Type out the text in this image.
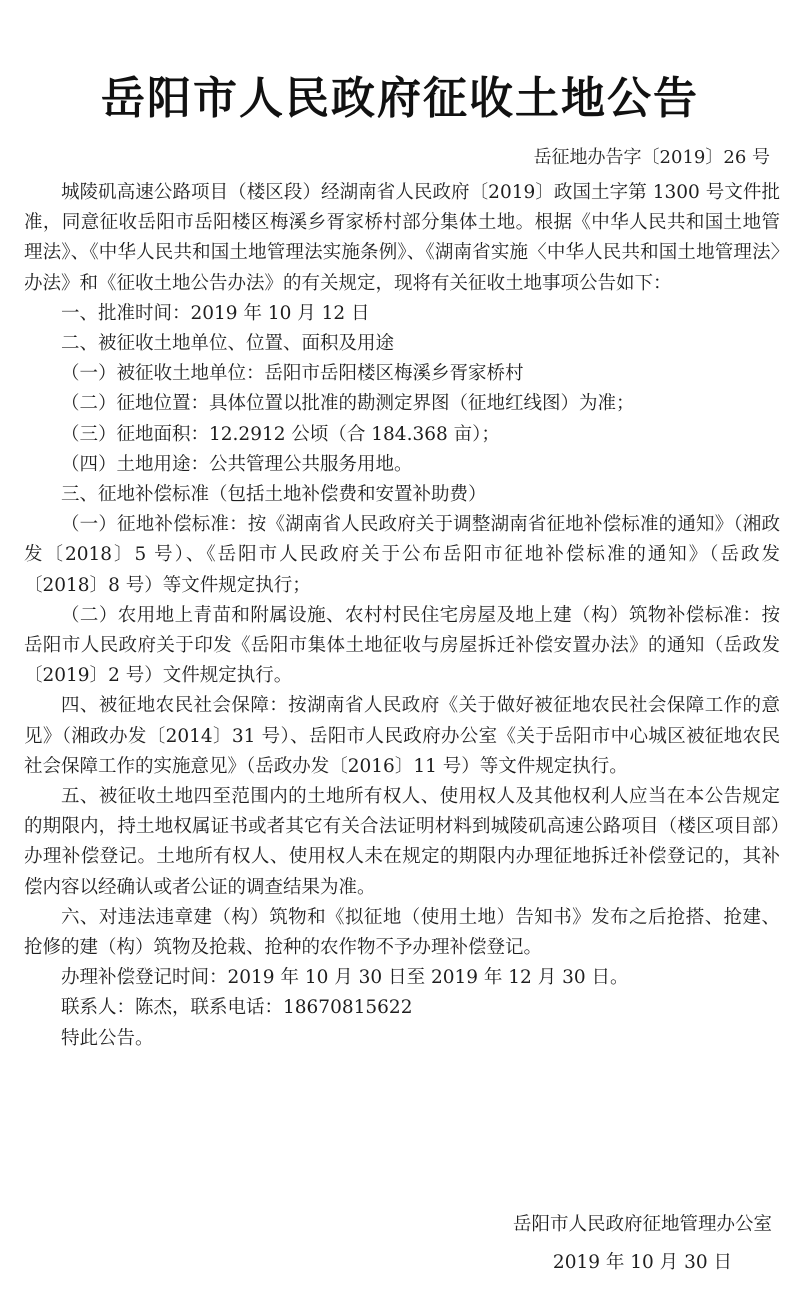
岳阳市人民政府征收土地公告
岳征地办告字〔2019〕26 号

城陵矶高速公路项目（楼区段）经湖南省人民政府〔2019〕政国土字第 1300 号文件批准，同意征收岳阳市岳阳楼区梅溪乡胥家桥村部分集体土地。根据《中华人民共和国土地管理法》、《中华人民共和国土地管理法实施条例》、《湖南省实施〈中华人民共和国土地管理法〉办法》和《征收土地公告办法》的有关规定，现将有关征收土地事项公告如下：

一、批准时间：2019 年 10 月 12 日

二、被征收土地单位、位置、面积及用途

（一）被征收土地单位：岳阳市岳阳楼区梅溪乡胥家桥村

（二）征地位置：具体位置以批准的勘测定界图（征地红线图）为准；

（三）征地面积：12.2912 公顷（合 184.368 亩）；

（四）土地用途：公共管理公共服务用地。

三、征地补偿标准（包括土地补偿费和安置补助费）

（一）征地补偿标准：按《湖南省人民政府关于调整湖南省征地补偿标准的通知》（湘政发〔2018〕5 号）、《岳阳市人民政府关于公布岳阳市征地补偿标准的通知》（岳政发〔2018〕8 号）等文件规定执行；

（二）农用地上青苗和附属设施、农村村民住宅房屋及地上建（构）筑物补偿标准：按岳阳市人民政府关于印发《岳阳市集体土地征收与房屋拆迁补偿安置办法》的通知（岳政发〔2019〕2 号）文件规定执行。

四、被征地农民社会保障：按湖南省人民政府《关于做好被征地农民社会保障工作的意见》（湘政办发〔2014〕31 号）、岳阳市人民政府办公室《关于岳阳市中心城区被征地农民社会保障工作的实施意见》（岳政办发〔2016〕11 号）等文件规定执行。

五、被征收土地四至范围内的土地所有权人、使用权人及其他权利人应当在本公告规定的期限内，持土地权属证书或者其它有关合法证明材料到城陵矶高速公路项目（楼区项目部）办理补偿登记。土地所有权人、使用权人未在规定的期限内办理征地拆迁补偿登记的，其补偿内容以经确认或者公证的调查结果为准。

六、对违法违章建（构）筑物和《拟征地（使用土地）告知书》发布之后抢搭、抢建、抢修的建（构）筑物及抢栽、抢种的农作物不予办理补偿登记。

办理补偿登记时间：2019 年 10 月 30 日至 2019 年 12 月 30 日。

联系人：陈杰，联系电话：18670815622

特此公告。

岳阳市人民政府征地管理办公室
2019 年 10 月 30 日
